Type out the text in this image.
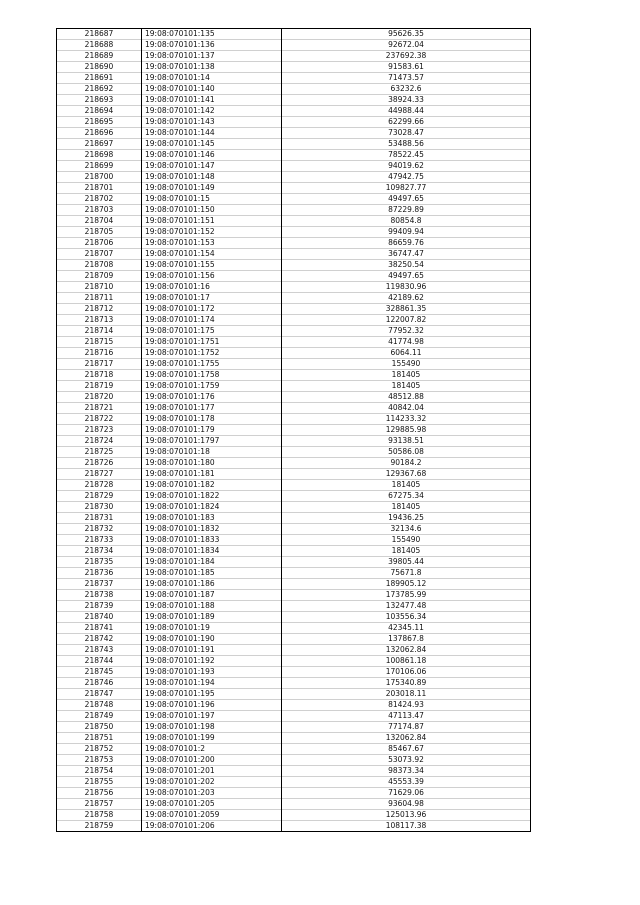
218687	19:08:070101:135	95626.35
218688	19:08:070101:136	92672.04
218689	19:08:070101:137	237692.38
218690	19:08:070101:138	91583.61
218691	19:08:070101:14	71473.57
218692	19:08:070101:140	63232.6
218693	19:08:070101:141	38924.33
218694	19:08:070101:142	44988.44
218695	19:08:070101:143	62299.66
218696	19:08:070101:144	73028.47
218697	19:08:070101:145	53488.56
218698	19:08:070101:146	78522.45
218699	19:08:070101:147	94019.62
218700	19:08:070101:148	47942.75
218701	19:08:070101:149	109827.77
218702	19:08:070101:15	49497.65
218703	19:08:070101:150	87229.89
218704	19:08:070101:151	80854.8
218705	19:08:070101:152	99409.94
218706	19:08:070101:153	86659.76
218707	19:08:070101:154	36747.47
218708	19:08:070101:155	38250.54
218709	19:08:070101:156	49497.65
218710	19:08:070101:16	119830.96
218711	19:08:070101:17	42189.62
218712	19:08:070101:172	328861.35
218713	19:08:070101:174	122007.82
218714	19:08:070101:175	77952.32
218715	19:08:070101:1751	41774.98
218716	19:08:070101:1752	6064.11
218717	19:08:070101:1755	155490
218718	19:08:070101:1758	181405
218719	19:08:070101:1759	181405
218720	19:08:070101:176	48512.88
218721	19:08:070101:177	40842.04
218722	19:08:070101:178	114233.32
218723	19:08:070101:179	129885.98
218724	19:08:070101:1797	93138.51
218725	19:08:070101:18	50586.08
218726	19:08:070101:180	90184.2
218727	19:08:070101:181	129367.68
218728	19:08:070101:182	181405
218729	19:08:070101:1822	67275.34
218730	19:08:070101:1824	181405
218731	19:08:070101:183	19436.25
218732	19:08:070101:1832	32134.6
218733	19:08:070101:1833	155490
218734	19:08:070101:1834	181405
218735	19:08:070101:184	39805.44
218736	19:08:070101:185	75671.8
218737	19:08:070101:186	189905.12
218738	19:08:070101:187	173785.99
218739	19:08:070101:188	132477.48
218740	19:08:070101:189	103556.34
218741	19:08:070101:19	42345.11
218742	19:08:070101:190	137867.8
218743	19:08:070101:191	132062.84
218744	19:08:070101:192	100861.18
218745	19:08:070101:193	170106.06
218746	19:08:070101:194	175340.89
218747	19:08:070101:195	203018.11
218748	19:08:070101:196	81424.93
218749	19:08:070101:197	47113.47
218750	19:08:070101:198	77174.87
218751	19:08:070101:199	132062.84
218752	19:08:070101:2	85467.67
218753	19:08:070101:200	53073.92
218754	19:08:070101:201	98373.34
218755	19:08:070101:202	45553.39
218756	19:08:070101:203	71629.06
218757	19:08:070101:205	93604.98
218758	19:08:070101:2059	125013.96
218759	19:08:070101:206	108117.38
